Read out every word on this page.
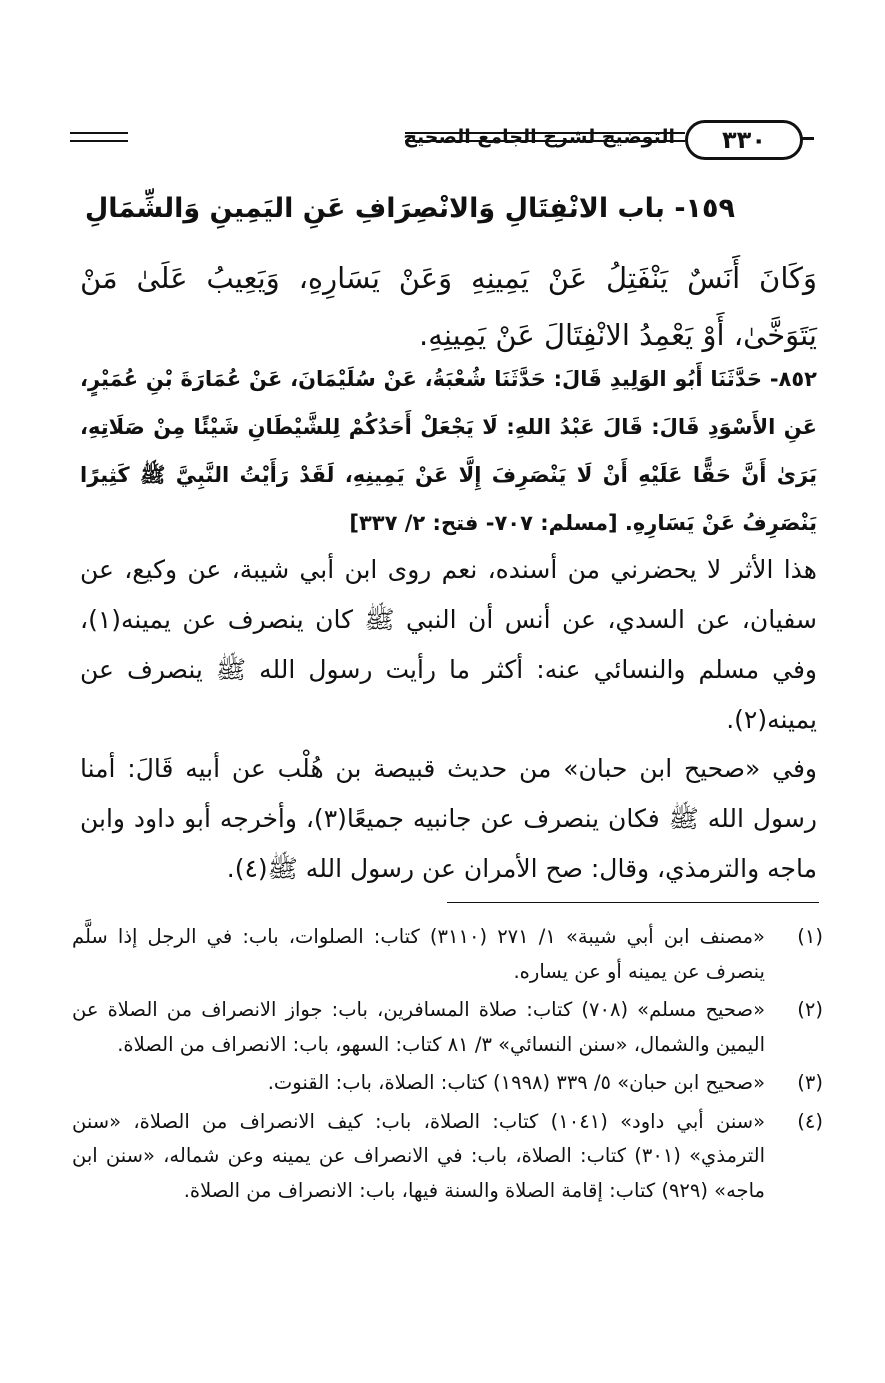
التوضيح لشرح الجامع الصحيح	٣٣٠
١٥٩- باب الانْفِتَالِ وَالانْصِرَافِ عَنِ اليَمِينِ وَالشِّمَالِ
وَكَانَ أَنَسٌ يَنْفَتِلُ عَنْ يَمِينِهِ وَعَنْ يَسَارِهِ، وَيَعِيبُ عَلَىٰ مَنْ يَتَوَخَّىٰ، أَوْ يَعْمِدُ الانْفِتَالَ عَنْ يَمِينِهِ.
٨٥٢- حَدَّثَنَا أَبُو الوَلِيدِ قَالَ: حَدَّثَنَا شُعْبَةُ، عَنْ سُلَيْمَانَ، عَنْ عُمَارَةَ بْنِ عُمَيْرٍ، عَنِ الأَسْوَدِ قَالَ: قَالَ عَبْدُ اللهِ: لَا يَجْعَلْ أَحَدُكُمْ لِلشَّيْطَانِ شَيْئًا مِنْ صَلَاتِهِ، يَرَىٰ أَنَّ حَقًّا عَلَيْهِ أَنْ لَا يَنْصَرِفَ إِلَّا عَنْ يَمِينِهِ، لَقَدْ رَأَيْتُ النَّبِيَّ ﷺ كَثِيرًا يَنْصَرِفُ عَنْ يَسَارِهِ. [مسلم: ٧٠٧- فتح: ٢/ ٣٣٧]
هذا الأثر لا يحضرني من أسنده، نعم روى ابن أبي شيبة، عن وكيع، عن سفيان، عن السدي، عن أنس أن النبي ﷺ كان ينصرف عن يمينه(١)، وفي مسلم والنسائي عنه: أكثر ما رأيت رسول الله ﷺ ينصرف عن يمينه(٢).
وفي «صحيح ابن حبان» من حديث قبيصة بن هُلْب عن أبيه قَالَ: أمنا رسول الله ﷺ فكان ينصرف عن جانبيه جميعًا(٣)، وأخرجه أبو داود وابن ماجه والترمذي، وقال: صح الأمران عن رسول الله ﷺ(٤).
(١)
«مصنف ابن أبي شيبة» ١/ ٢٧١ (٣١١٠) كتاب: الصلوات، باب: في الرجل إذا سلَّم ينصرف عن يمينه أو عن يساره.
(٢)
«صحيح مسلم» (٧٠٨) كتاب: صلاة المسافرين، باب: جواز الانصراف من الصلاة عن اليمين والشمال، «سنن النسائي» ٣/ ٨١ كتاب: السهو، باب: الانصراف من الصلاة.
(٣)
«صحيح ابن حبان» ٥/ ٣٣٩ (١٩٩٨) كتاب: الصلاة، باب: القنوت.
(٤)
«سنن أبي داود» (١٠٤١) كتاب: الصلاة، باب: كيف الانصراف من الصلاة، «سنن الترمذي» (٣٠١) كتاب: الصلاة، باب: في الانصراف عن يمينه وعن شماله، «سنن ابن ماجه» (٩٢٩) كتاب: إقامة الصلاة والسنة فيها، باب: الانصراف من الصلاة.
